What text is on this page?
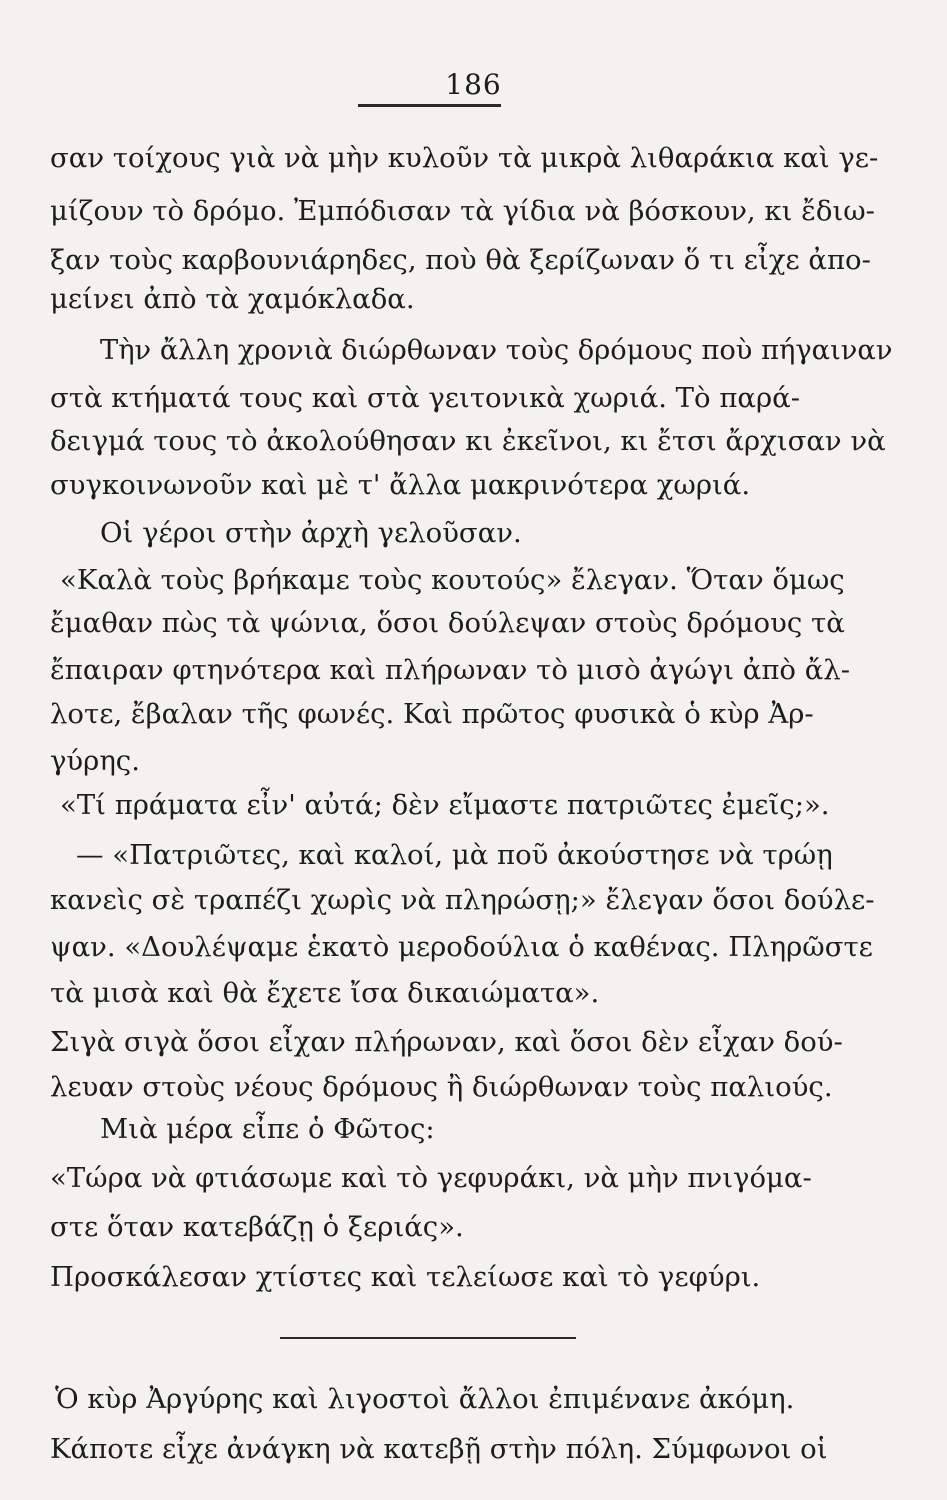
186
σαν τοίχους γιὰ νὰ μὴν κυλοῦν τὰ μικρὰ λιθαράκια καὶ γε-
μίζουν τὸ δρόμο. Ἐμπόδισαν τὰ γίδια νὰ βόσκουν, κι ἔδιω-
ξαν τοὺς καρβουνιάρηδες, ποὺ θὰ ξερίζωναν ὅ τι εἶχε ἀπο-
μείνει ἀπὸ τὰ χαμόκλαδα.
Τὴν ἄλλη χρονιὰ διώρθωναν τοὺς δρόμους ποὺ πήγαιναν
στὰ κτήματά τους καὶ στὰ γειτονικὰ χωριά. Τὸ παρά-
δειγμά τους τὸ ἀκολούθησαν κι ἐκεῖνοι, κι ἔτσι ἄρχισαν νὰ
συγκοινωνοῦν καὶ μὲ τ' ἄλλα μακρινότερα χωριά.
Οἱ γέροι στὴν ἀρχὴ γελοῦσαν.
«Καλὰ τοὺς βρήκαμε τοὺς κουτούς» ἔλεγαν. Ὅταν ὅμως
ἔμαθαν πὼς τὰ ψώνια, ὅσοι δούλεψαν στοὺς δρόμους τὰ
ἔπαιραν φτηνότερα καὶ πλήρωναν τὸ μισὸ ἀγώγι ἀπὸ ἄλ-
λοτε, ἔβαλαν τῆς φωνές. Καὶ πρῶτος φυσικὰ ὁ κὺρ Ἀρ-
γύρης.
«Τί πράματα εἶν' αὐτά; δὲν εἴμαστε πατριῶτες ἐμεῖς;».
— «Πατριῶτες, καὶ καλοί, μὰ ποῦ ἀκούστησε νὰ τρώῃ
κανεὶς σὲ τραπέζι χωρὶς νὰ πληρώσῃ;» ἔλεγαν ὅσοι δούλε-
ψαν. «Δουλέψαμε ἑκατὸ μεροδούλια ὁ καθένας. Πληρῶστε
τὰ μισὰ καὶ θὰ ἔχετε ἴσα δικαιώματα».
Σιγὰ σιγὰ ὅσοι εἶχαν πλήρωναν, καὶ ὅσοι δὲν εἶχαν δού-
λευαν στοὺς νέους δρόμους ἢ διώρθωναν τοὺς παλιούς.
Μιὰ μέρα εἶπε ὁ Φῶτος:
«Τώρα νὰ φτιάσωμε καὶ τὸ γεφυράκι, νὰ μὴν πνιγόμα-
στε ὅταν κατεβάζῃ ὁ ξεριάς».
Προσκάλεσαν χτίστες καὶ τελείωσε καὶ τὸ γεφύρι.
Ὁ κὺρ Ἀργύρης καὶ λιγοστοὶ ἄλλοι ἐπιμένανε ἀκόμη.
Κάποτε εἶχε ἀνάγκη νὰ κατεβῇ στὴν πόλη. Σύμφωνοι οἱ
